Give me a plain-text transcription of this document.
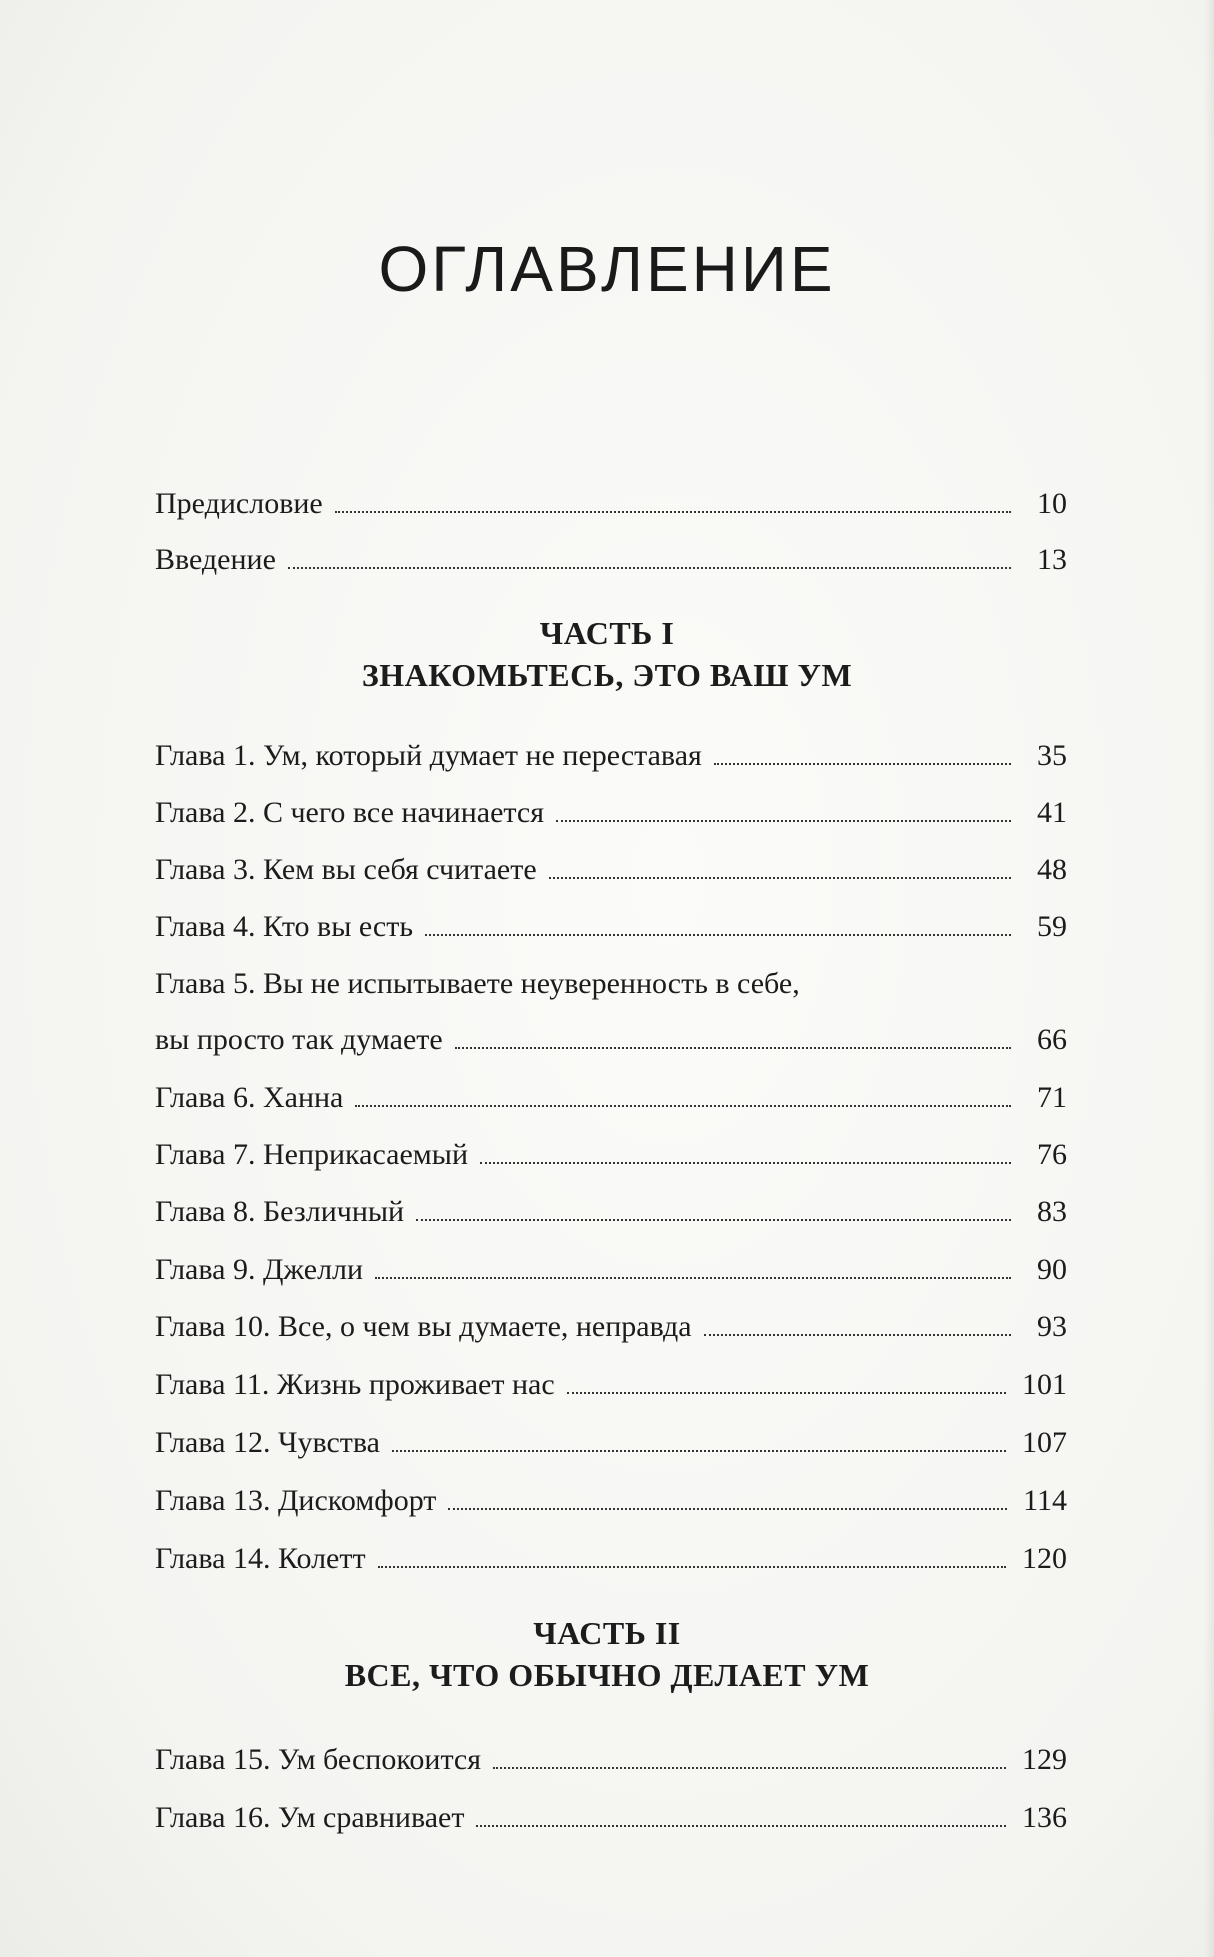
ОГЛАВЛЕНИЕ
Предисловие	10
Введение	13
Глава 1. Ум, который думает не переставая	35
Глава 2. С чего все начинается	41
Глава 3. Кем вы себя считаете	48
Глава 4. Кто вы есть	59
Глава 5. Вы не испытываете неуверенность в себе,
вы просто так думаете	66
Глава 6. Ханна	71
Глава 7. Неприкасаемый	76
Глава 8. Безличный	83
Глава 9. Джелли	90
Глава 10. Все, о чем вы думаете, неправда	93
Глава 11. Жизнь проживает нас	101
Глава 12. Чувства	107
Глава 13. Дискомфорт	114
Глава 14. Колетт	120
Глава 15. Ум беспокоится	129
Глава 16. Ум сравнивает	136
ЧАСТЬ I
ЗНАКОМЬТЕСЬ, ЭТО ВАШ УМ
ЧАСТЬ II
ВСЕ, ЧТО ОБЫЧНО ДЕЛАЕТ УМ
